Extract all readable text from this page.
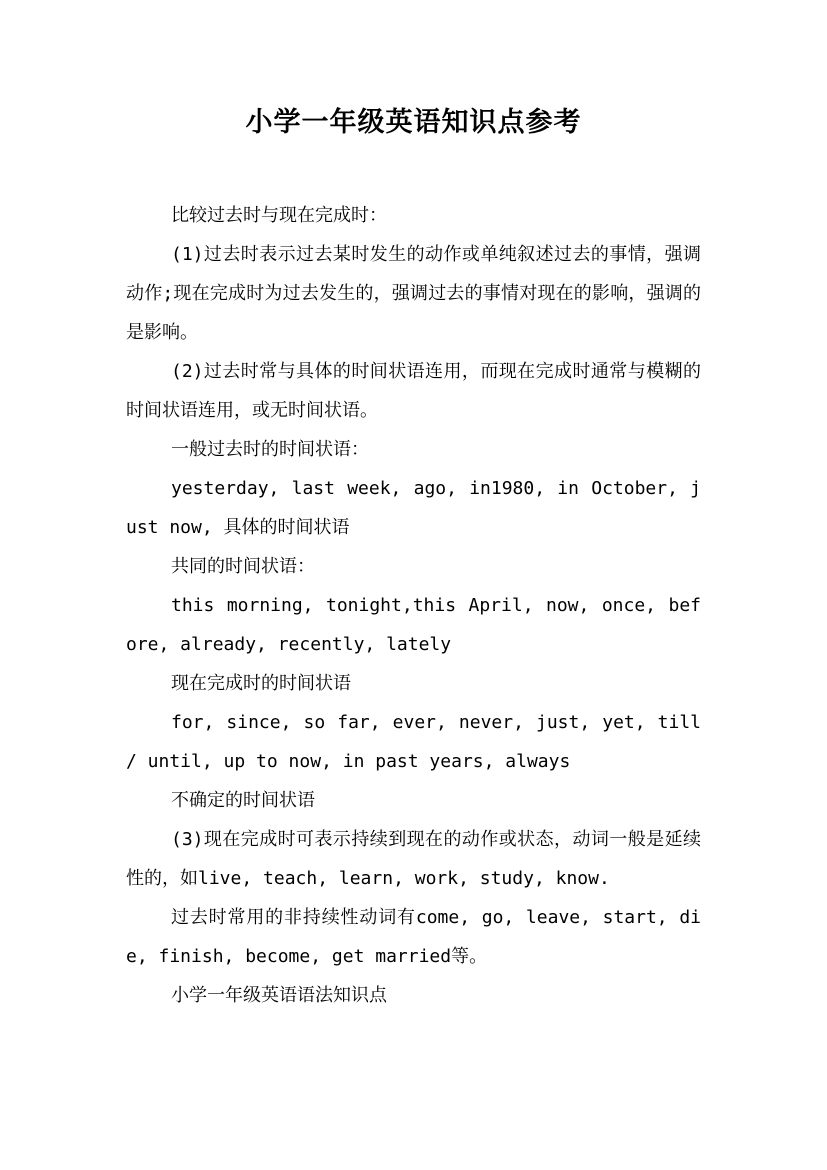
小学一年级英语知识点参考

比较过去时与现在完成时：

(1)过去时表示过去某时发生的动作或单纯叙述过去的事情，强调动作;现在完成时为过去发生的，强调过去的事情对现在的影响，强调的是影响。

(2)过去时常与具体的时间状语连用，而现在完成时通常与模糊的时间状语连用，或无时间状语。

一般过去时的时间状语：

yesterday, last week, ago, in1980, in October, just now, 具体的时间状语

共同的时间状语：

this morning, tonight,this April, now, once, before, already, recently, lately

现在完成时的时间状语

for, since, so far, ever, never, just, yet, till / until, up to now, in past years, always

不确定的时间状语

(3)现在完成时可表示持续到现在的动作或状态，动词一般是延续性的，如live, teach, learn, work, study, know.

过去时常用的非持续性动词有come, go, leave, start, die, finish, become, get married等。

小学一年级英语语法知识点
